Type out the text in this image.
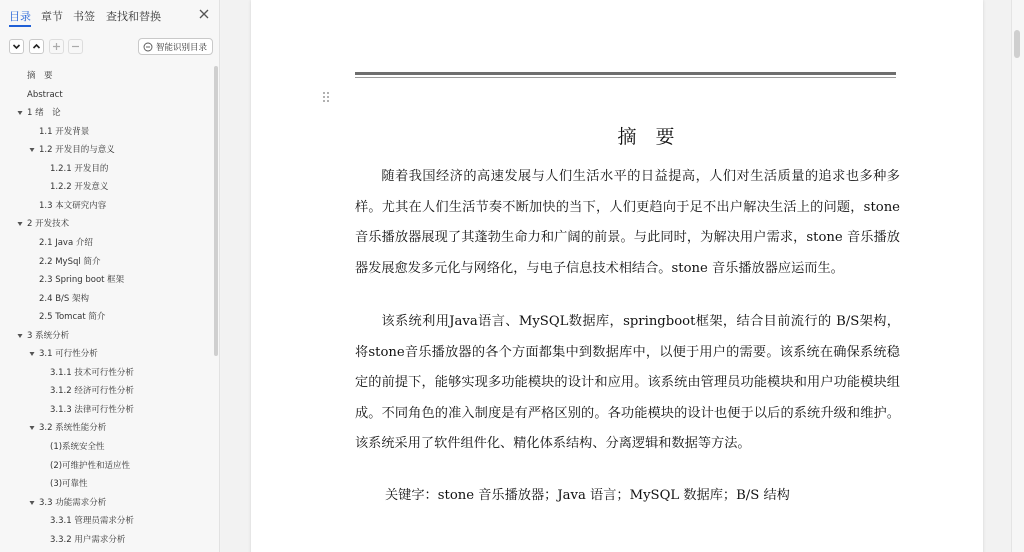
目录 章节 书签 查找和替换
智能识别目录
摘　要
Abstract
1 绪　论
1.1 开发背景
1.2 开发目的与意义
1.2.1 开发目的
1.2.2 开发意义
1.3 本文研究内容
2 开发技术
2.1 Java 介绍
2.2 MySql 简介
2.3 Spring boot 框架
2.4 B/S 架构
2.5 Tomcat 简介
3 系统分析
3.1 可行性分析
3.1.1 技术可行性分析
3.1.2 经济可行性分析
3.1.3 法律可行性分析
3.2 系统性能分析
(1)系统安全性
(2)可维护性和适应性
(3)可靠性
3.3 功能需求分析
3.3.1 管理员需求分析
3.3.2 用户需求分析
摘　要
随着我国经济的高速发展与人们生活水平的日益提高，人们对生活质量的追求也多种多样。尤其在人们生活节奏不断加快的当下，人们更趋向于足不出户解决生活上的问题，stone 音乐播放器展现了其蓬勃生命力和广阔的前景。与此同时，为解决用户需求，stone 音乐播放器发展愈发多元化与网络化，与电子信息技术相结合。stone 音乐播放器应运而生。
该系统利用Java语言、MySQL数据库，springboot框架，结合目前流行的 B/S架构，将stone音乐播放器的各个方面都集中到数据库中，以便于用户的需要。该系统在确保系统稳定的前提下，能够实现多功能模块的设计和应用。该系统由管理员功能模块和用户功能模块组成。不同角色的准入制度是有严格区别的。各功能模块的设计也便于以后的系统升级和维护。该系统采用了软件组件化、精化体系结构、分离逻辑和数据等方法。
关键字：stone 音乐播放器；Java 语言；MySQL 数据库；B/S 结构
